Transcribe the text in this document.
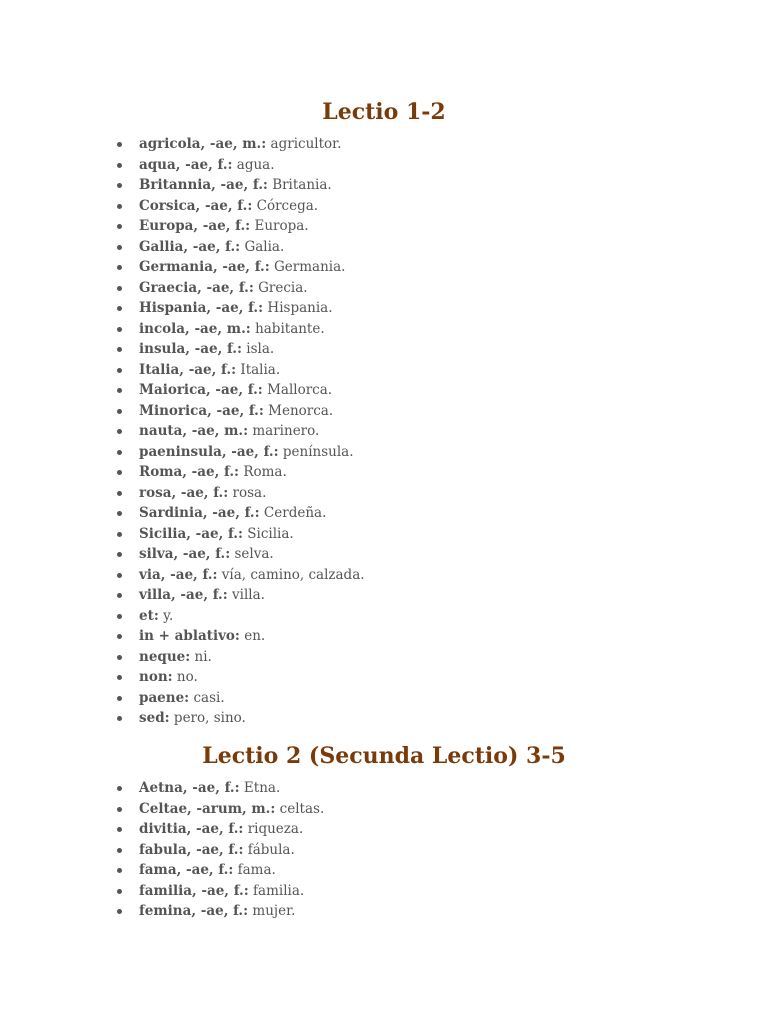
Lectio 1-2
agricola, -ae, m.: agricultor.
aqua, -ae, f.: agua.
Britannia, -ae, f.: Britania.
Corsica, -ae, f.: Córcega.
Europa, -ae, f.: Europa.
Gallia, -ae, f.: Galia.
Germania, -ae, f.: Germania.
Graecia, -ae, f.: Grecia.
Hispania, -ae, f.: Hispania.
incola, -ae, m.: habitante.
insula, -ae, f.: isla.
Italia, -ae, f.: Italia.
Maiorica, -ae, f.: Mallorca.
Minorica, -ae, f.: Menorca.
nauta, -ae, m.: marinero.
paeninsula, -ae, f.: península.
Roma, -ae, f.: Roma.
rosa, -ae, f.: rosa.
Sardinia, -ae, f.: Cerdeña.
Sicilia, -ae, f.: Sicilia.
silva, -ae, f.: selva.
via, -ae, f.: vía, camino, calzada.
villa, -ae, f.: villa.
et: y.
in + ablativo: en.
neque: ni.
non: no.
paene: casi.
sed: pero, sino.
Lectio 2 (Secunda Lectio) 3-5
Aetna, -ae, f.: Etna.
Celtae, -arum, m.: celtas.
divitia, -ae, f.: riqueza.
fabula, -ae, f.: fábula.
fama, -ae, f.: fama.
familia, -ae, f.: familia.
femina, -ae, f.: mujer.
